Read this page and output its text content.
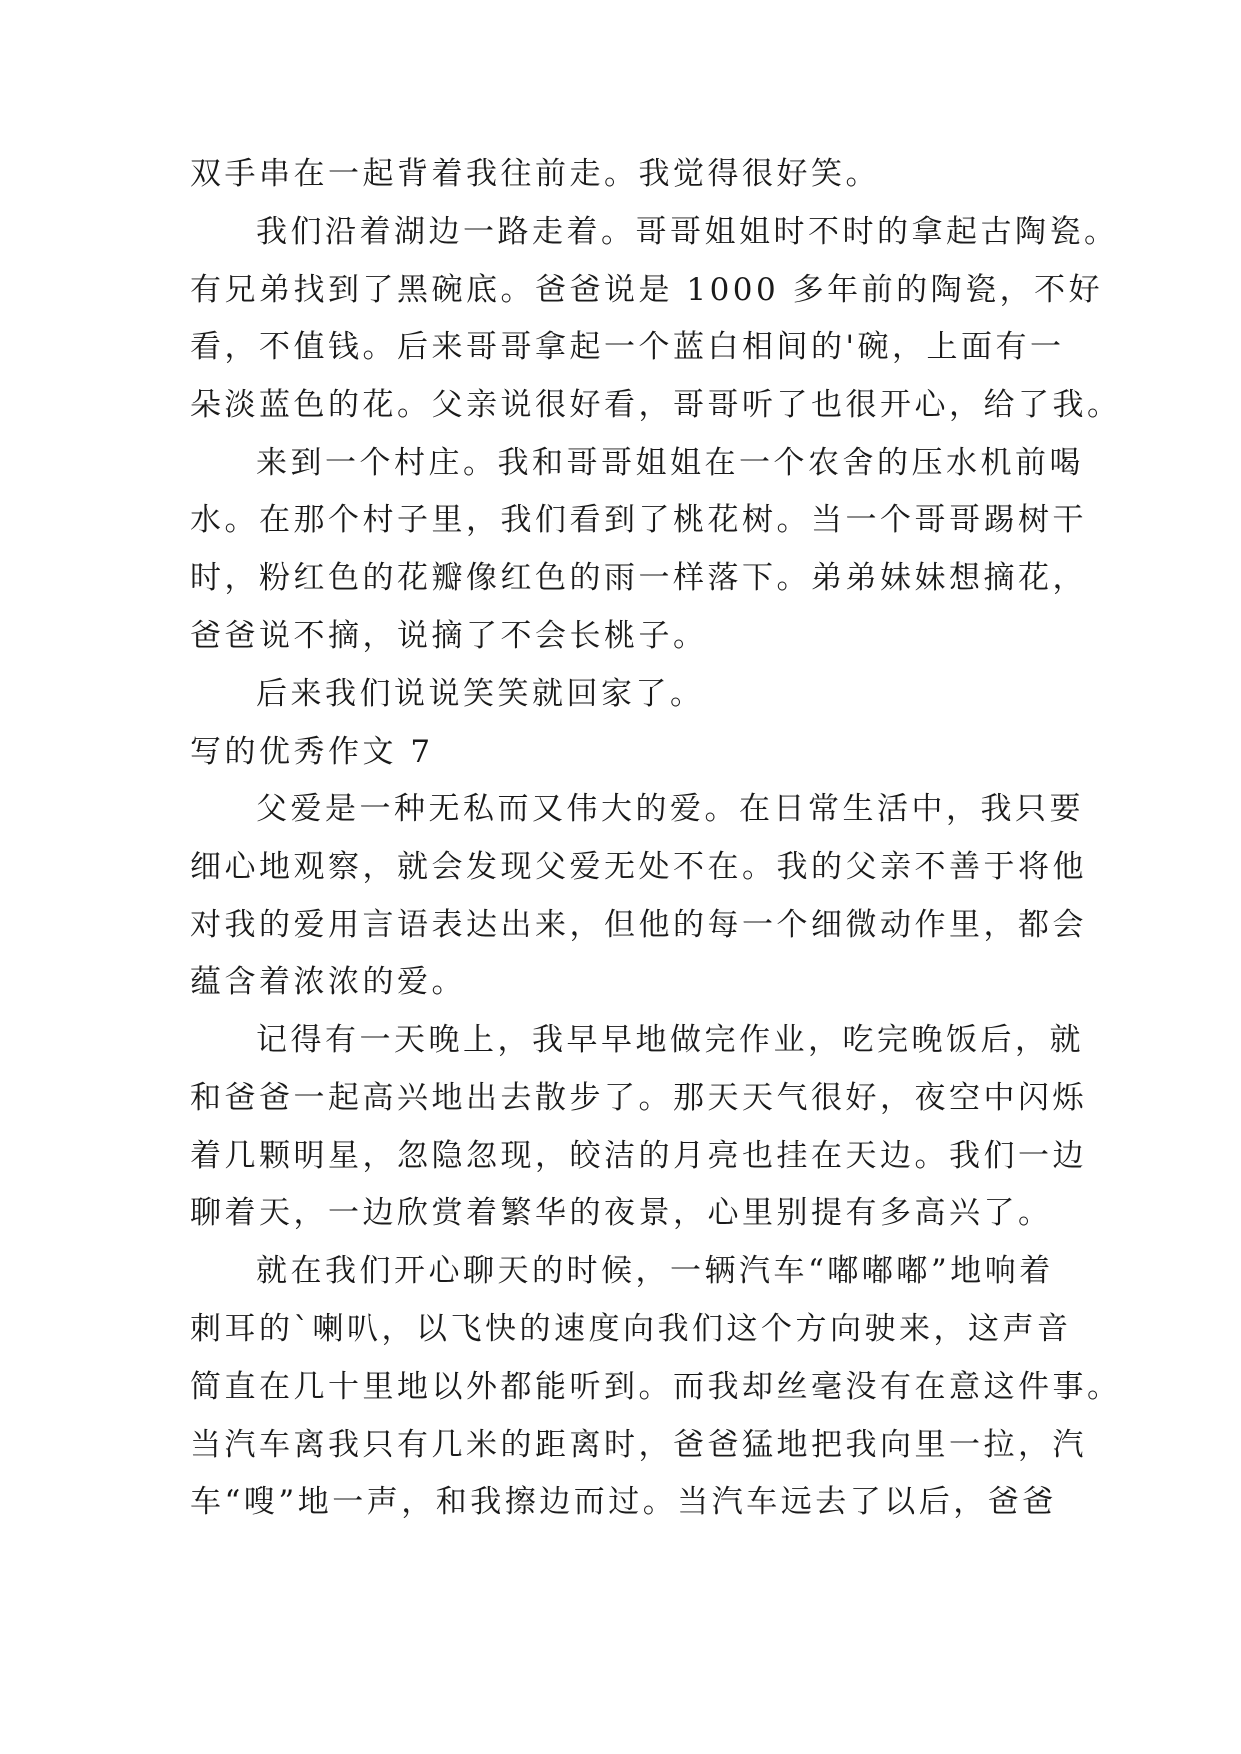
双手串在一起背着我往前走。我觉得很好笑。
我们沿着湖边一路走着。哥哥姐姐时不时的拿起古陶瓷。
有兄弟找到了黑碗底。爸爸说是 1000 多年前的陶瓷，不好
看，不值钱。后来哥哥拿起一个蓝白相间的'碗，上面有一
朵淡蓝色的花。父亲说很好看，哥哥听了也很开心，给了我。
来到一个村庄。我和哥哥姐姐在一个农舍的压水机前喝
水。在那个村子里，我们看到了桃花树。当一个哥哥踢树干
时，粉红色的花瓣像红色的雨一样落下。弟弟妹妹想摘花，
爸爸说不摘，说摘了不会长桃子。
后来我们说说笑笑就回家了。
写的优秀作文 7
父爱是一种无私而又伟大的爱。在日常生活中，我只要
细心地观察，就会发现父爱无处不在。我的父亲不善于将他
对我的爱用言语表达出来，但他的每一个细微动作里，都会
蕴含着浓浓的爱。
记得有一天晚上，我早早地做完作业，吃完晚饭后，就
和爸爸一起高兴地出去散步了。那天天气很好，夜空中闪烁
着几颗明星，忽隐忽现，皎洁的月亮也挂在天边。我们一边
聊着天，一边欣赏着繁华的夜景，心里别提有多高兴了。
就在我们开心聊天的时候，一辆汽车“嘟嘟嘟”地响着
刺耳的`喇叭，以飞快的速度向我们这个方向驶来，这声音
简直在几十里地以外都能听到。而我却丝毫没有在意这件事。
当汽车离我只有几米的距离时，爸爸猛地把我向里一拉，汽
车“嗖”地一声，和我擦边而过。当汽车远去了以后，爸爸
